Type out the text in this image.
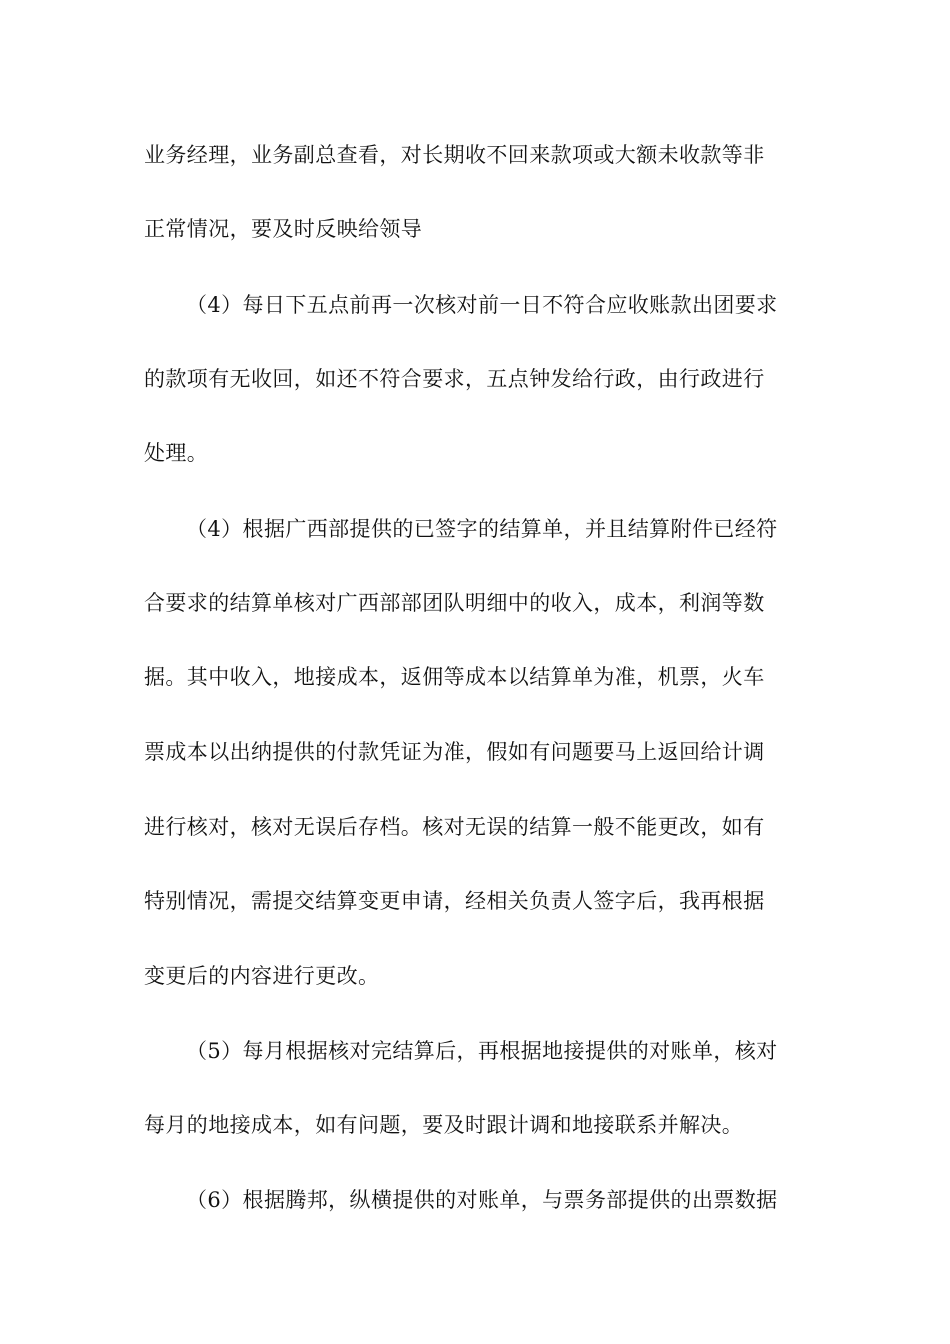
业务经理，业务副总查看，对长期收不回来款项或大额未收款等非

正常情况，要及时反映给领导

（4）每日下五点前再一次核对前一日不符合应收账款出团要求

的款项有无收回，如还不符合要求，五点钟发给行政，由行政进行

处理。

（4）根据广西部提供的已签字的结算单，并且结算附件已经符

合要求的结算单核对广西部部团队明细中的收入，成本，利润等数

据。其中收入，地接成本，返佣等成本以结算单为准，机票，火车

票成本以出纳提供的付款凭证为准，假如有问题要马上返回给计调

进行核对，核对无误后存档。核对无误的结算一般不能更改，如有

特别情况，需提交结算变更申请，经相关负责人签字后，我再根据

变更后的内容进行更改。

（5）每月根据核对完结算后，再根据地接提供的对账单，核对

每月的地接成本，如有问题，要及时跟计调和地接联系并解决。

（6）根据腾邦，纵横提供的对账单，与票务部提供的出票数据
